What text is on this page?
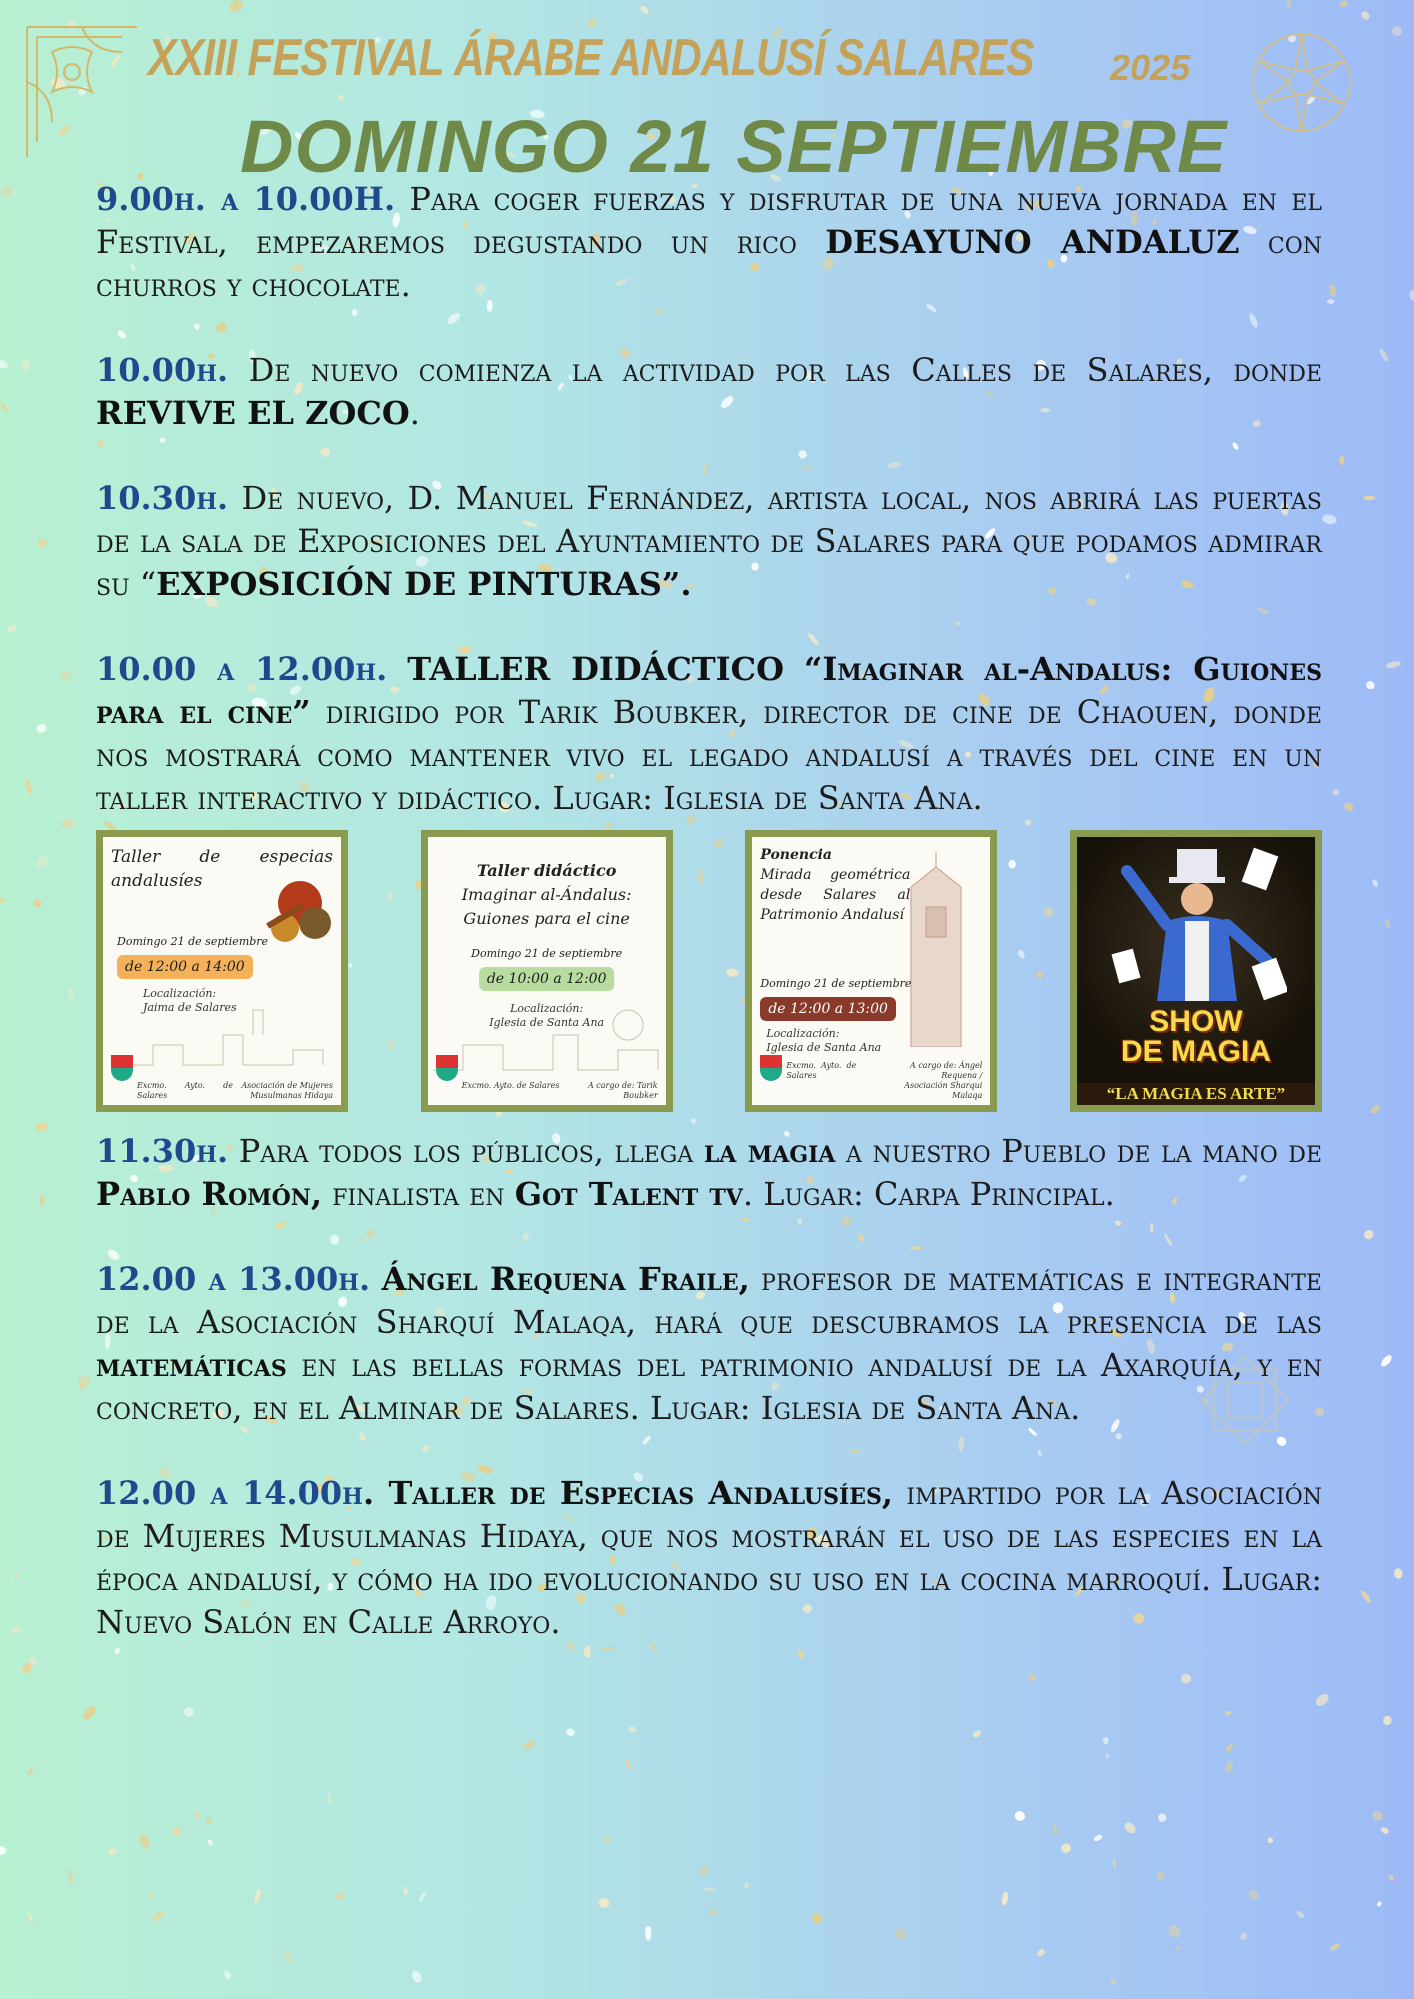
XXIII FESTIVAL ÁRABE ANDALUSÍ SALARES 2025
DOMINGO 21 SEPTIEMBRE

9.00h. a 10.00H. Para coger fuerzas y disfrutar de una nueva jornada en el Festival, empezaremos degustando un rico DESAYUNO ANDALUZ con churros y chocolate.

10.00h. De nuevo comienza la actividad por las Calles de Salares, donde REVIVE EL ZOCO.

10.30h. De nuevo, D. Manuel Fernández, artista local, nos abrirá las puertas de la sala de Exposiciones del Ayuntamiento de Salares para que podamos admirar su “EXPOSICIÓN DE PINTURAS”.

10.00 a 12.00h. TALLER DIDÁCTICO “Imaginar al-Andalus: Guiones para el cine” dirigido por Tarik Boubker, director de cine de Chaouen, donde nos mostrará como mantener vivo el legado andalusí a través del cine en un taller interactivo y didáctico. Lugar: Iglesia de Santa Ana.

Taller de especias andalusíes
Domingo 21 de septiembre
de 12:00 a 14:00
Localización:
Jaima de Salares
Excmo. Ayto. de Salares
Asociación de Mujeres Musulmanas Hidaya
Taller didáctico
Imaginar al-Ándalus:
Guiones para el cine
Domingo 21 de septiembre
de 10:00 a 12:00
Localización:
Iglesia de Santa Ana
Excmo. Ayto. de Salares	A cargo de: Tarik Boubker
Ponencia

Mirada geométrica desde Salares al Patrimonio Andalusí
Domingo 21 de septiembre
de 12:00 a 13:00
Localización:
Iglesia de Santa Ana
Excmo. Ayto. de Salares
A cargo de: Ángel Requena / Asociación Sharqui Malaqa
SHOW
DE MAGIA
“LA MAGIA ES ARTE”

11.30h. Para todos los públicos, llega la magia a nuestro Pueblo de la mano de Pablo Romón, finalista en Got Talent tv. Lugar: Carpa Principal.

12.00 a 13.00h. Ángel Requena Fraile, profesor de matemáticas e integrante de la Asociación Sharquí Malaqa, hará que descubramos la presencia de las matemáticas en las bellas formas del patrimonio andalusí de la Axarquía, y en concreto, en el Alminar de Salares. Lugar: Iglesia de Santa Ana.

12.00 a 14.00h. Taller de Especias Andalusíes, impartido por la Asociación de Mujeres Musulmanas Hidaya, que nos mostrarán el uso de las especies en la época andalusí, y cómo ha ido evolucionando su uso en la cocina marroquí. Lugar: Nuevo Salón en Calle Arroyo.
